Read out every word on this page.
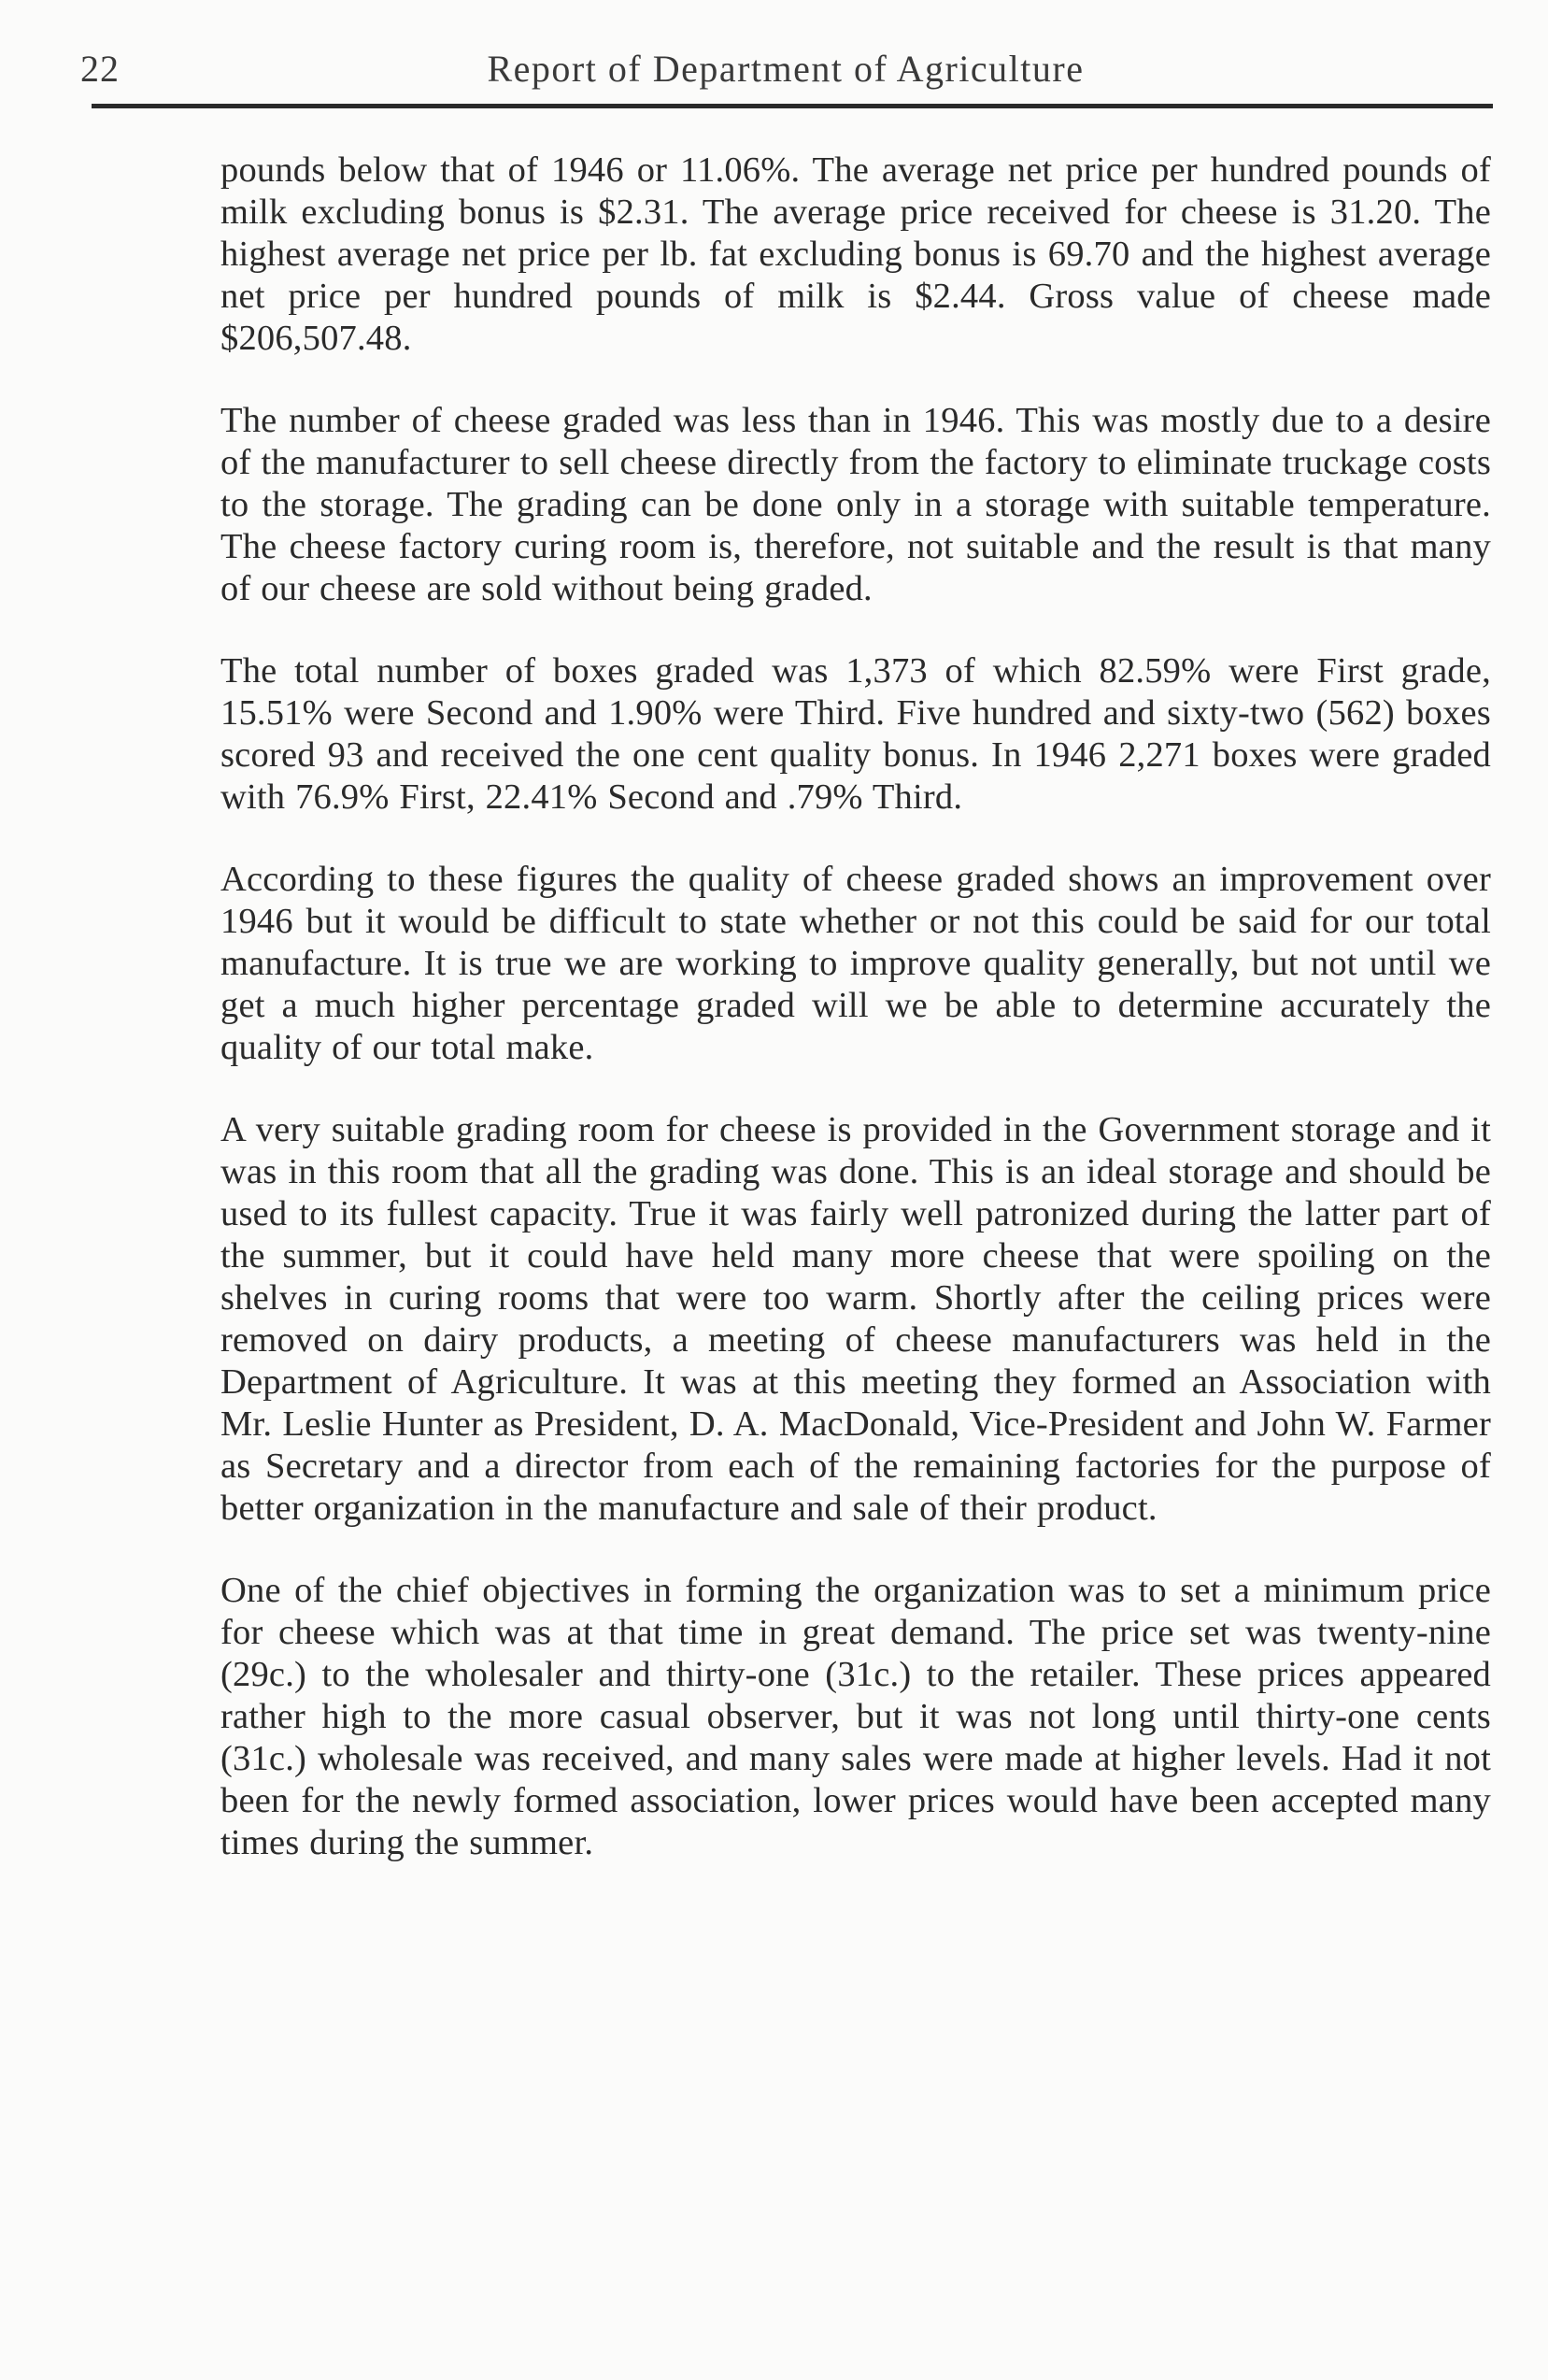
22	Report of Department of Agriculture

pounds below that of 1946 or 11.06%. The average net price per hundred pounds of milk excluding bonus is $2.31. The average price received for cheese is 31.20. The highest average net price per lb. fat excluding bonus is 69.70 and the highest average net price per hundred pounds of milk is $2.44. Gross value of cheese made $206,507.48.

The number of cheese graded was less than in 1946. This was mostly due to a desire of the manufacturer to sell cheese directly from the factory to eliminate truckage costs to the storage. The grading can be done only in a storage with suitable temperature. The cheese factory curing room is, therefore, not suitable and the result is that many of our cheese are sold without being graded.

The total number of boxes graded was 1,373 of which 82.59% were First grade, 15.51% were Second and 1.90% were Third. Five hundred and sixty-two (562) boxes scored 93 and received the one cent quality bonus. In 1946 2,271 boxes were graded with 76.9% First, 22.41% Second and .79% Third.

According to these figures the quality of cheese graded shows an improvement over 1946 but it would be difficult to state whether or not this could be said for our total manufacture. It is true we are working to improve quality generally, but not until we get a much higher percentage graded will we be able to determine accurately the quality of our total make.

A very suitable grading room for cheese is provided in the Government storage and it was in this room that all the grading was done. This is an ideal storage and should be used to its fullest capacity. True it was fairly well patronized during the latter part of the summer, but it could have held many more cheese that were spoiling on the shelves in curing rooms that were too warm. Shortly after the ceiling prices were removed on dairy products, a meeting of cheese manufacturers was held in the Department of Agriculture. It was at this meeting they formed an Association with Mr. Leslie Hunter as President, D. A. MacDonald, Vice-President and John W. Farmer as Secretary and a director from each of the remaining factories for the purpose of better organization in the manufacture and sale of their product.

One of the chief objectives in forming the organization was to set a minimum price for cheese which was at that time in great demand. The price set was twenty-nine (29c.) to the wholesaler and thirty-one (31c.) to the retailer. These prices appeared rather high to the more casual observer, but it was not long until thirty-one cents (31c.) wholesale was received, and many sales were made at higher levels. Had it not been for the newly formed association, lower prices would have been accepted many times during the summer.
